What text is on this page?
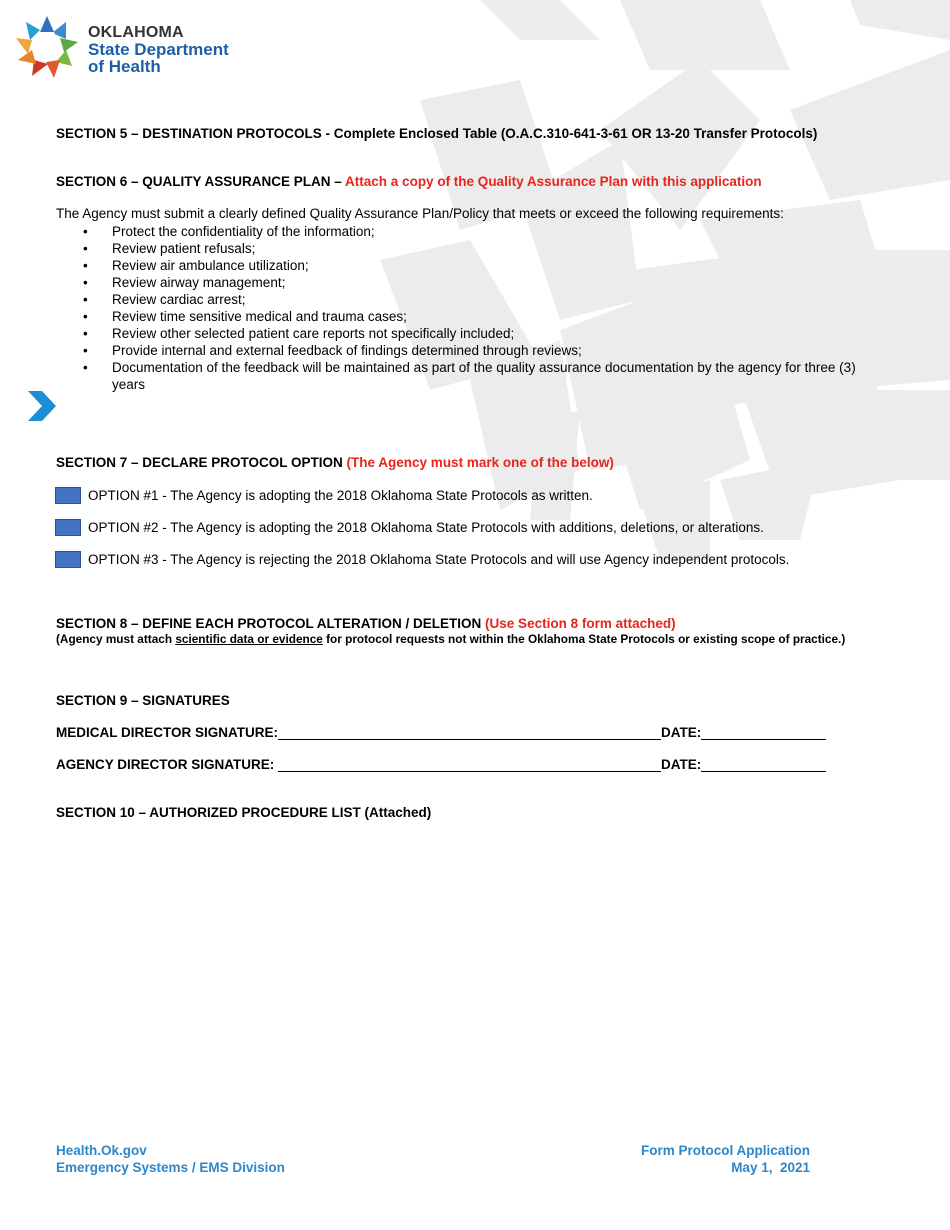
OKLAHOMA
State Department
of Health
SECTION 5 – DESTINATION PROTOCOLS - Complete Enclosed Table (O.A.C.310-641-3-61 OR 13-20 Transfer Protocols)
SECTION 6 – QUALITY ASSURANCE PLAN – Attach a copy of the Quality Assurance Plan with this application
The Agency must submit a clearly defined Quality Assurance Plan/Policy that meets or exceed the following requirements:
• Protect the confidentiality of the information;
• Review patient refusals;
• Review air ambulance utilization;
• Review airway management;
• Review cardiac arrest;
• Review time sensitive medical and trauma cases;
• Review other selected patient care reports not specifically included;
• Provide internal and external feedback of findings determined through reviews;
• Documentation of the feedback will be maintained as part of the quality assurance documentation by the agency for three (3) years
SECTION 7 – DECLARE PROTOCOL OPTION (The Agency must mark one of the below)
OPTION #1 - The Agency is adopting the 2018 Oklahoma State Protocols as written.
OPTION #2 - The Agency is adopting the 2018 Oklahoma State Protocols with additions, deletions, or alterations.
OPTION #3 - The Agency is rejecting the 2018 Oklahoma State Protocols and will use Agency independent protocols.
SECTION 8 – DEFINE EACH PROTOCOL ALTERATION / DELETION (Use Section 8 form attached)
(Agency must attach scientific data or evidence for protocol requests not within the Oklahoma State Protocols or existing scope of practice.)
SECTION 9 – SIGNATURES
MEDICAL DIRECTOR SIGNATURE:	DATE:
AGENCY DIRECTOR SIGNATURE:	DATE:
SECTION 10 – AUTHORIZED PROCEDURE LIST (Attached)
Health.Ok.gov
Emergency Systems / EMS Division
Form Protocol Application
May 1,  2021
